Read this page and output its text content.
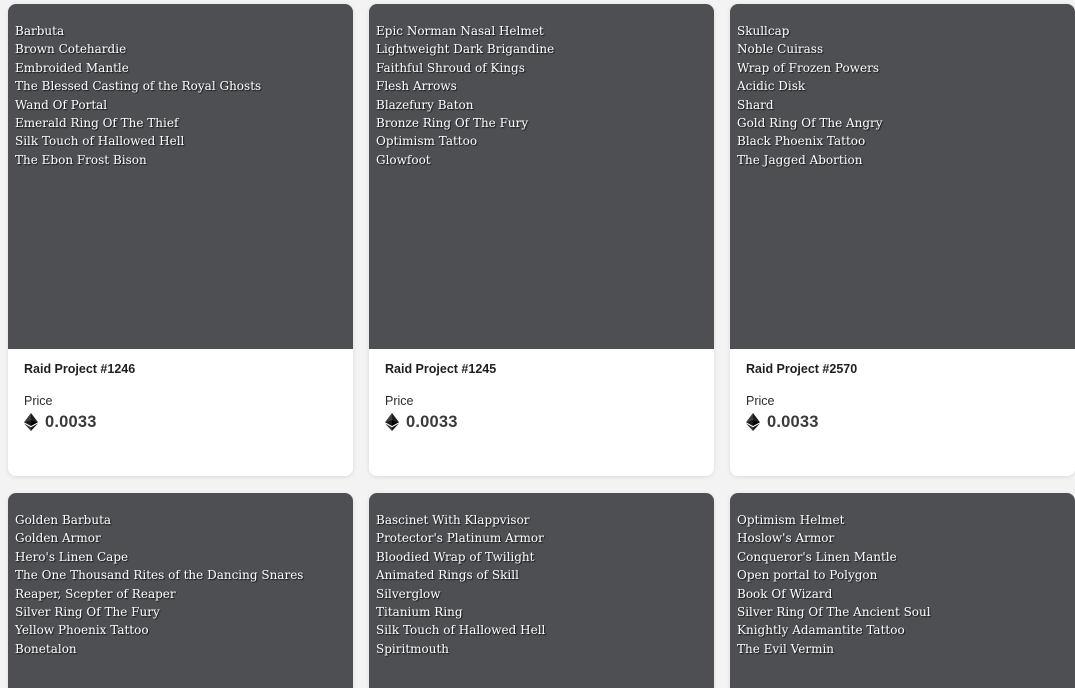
Barbuta
Brown Cotehardie
Embroided Mantle
The Blessed Casting of the Royal Ghosts
Wand Of Portal
Emerald Ring Of The Thief
Silk Touch of Hallowed Hell
The Ebon Frost Bison
Raid Project #1246
Price
0.0033
Epic Norman Nasal Helmet
Lightweight Dark Brigandine
Faithful Shroud of Kings
Flesh Arrows
Blazefury Baton
Bronze Ring Of The Fury
Optimism Tattoo
Glowfoot
Raid Project #1245
Price
0.0033
Skullcap
Noble Cuirass
Wrap of Frozen Powers
Acidic Disk
Shard
Gold Ring Of The Angry
Black Phoenix Tattoo
The Jagged Abortion
Raid Project #2570
Price
0.0033
Golden Barbuta
Golden Armor
Hero's Linen Cape
The One Thousand Rites of the Dancing Snares
Reaper, Scepter of Reaper
Silver Ring Of The Fury
Yellow Phoenix Tattoo
Bonetalon
Bascinet With Klappvisor
Protector's Platinum Armor
Bloodied Wrap of Twilight
Animated Rings of Skill
Silverglow
Titanium Ring
Silk Touch of Hallowed Hell
Spiritmouth
Optimism Helmet
Hoslow's Armor
Conqueror's Linen Mantle
Open portal to Polygon
Book Of Wizard
Silver Ring Of The Ancient Soul
Knightly Adamantite Tattoo
The Evil Vermin
